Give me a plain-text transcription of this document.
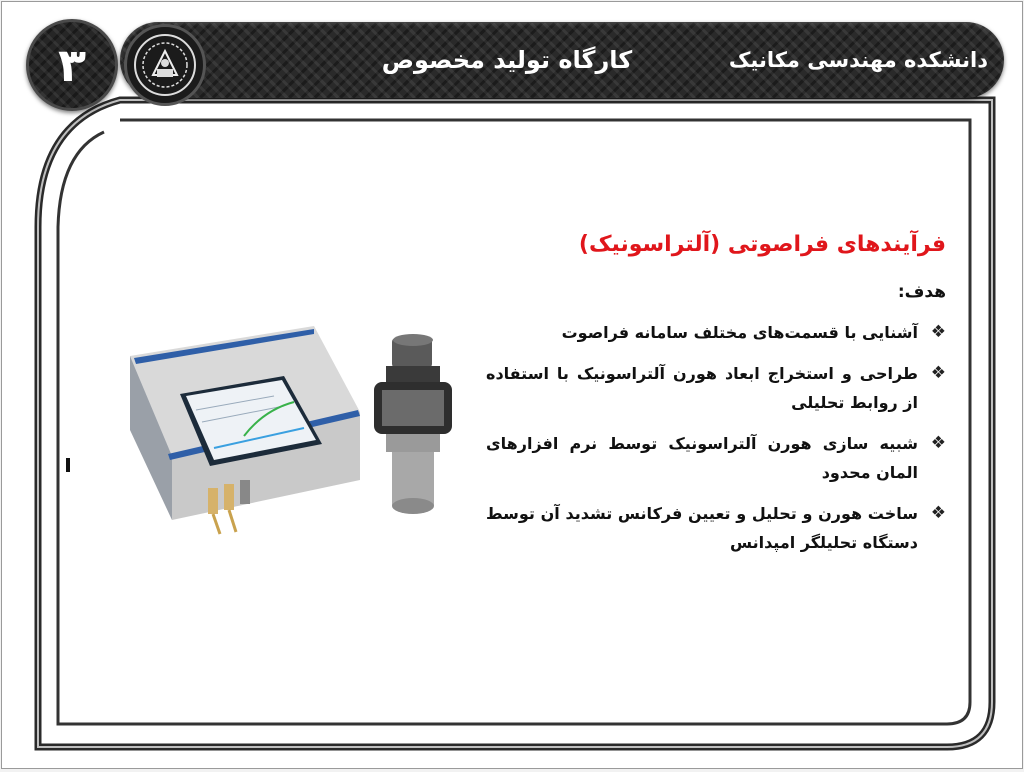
۳	کارگاه تولید مخصوص	دانشکده مهندسی مکانیک
فرآیندهای فراصوتی (آلتراسونیک)
هدف:
❖
آشنایی با قسمت‌های مختلف سامانه فراصوت
❖
طراحی و استخراج ابعاد هورن آلتراسونیک با استفاده از روابط تحلیلی
❖
شبیه سازی هورن آلتراسونیک توسط نرم افزارهای المان محدود
❖
ساخت هورن و تحلیل و تعیین فرکانس تشدید آن توسط دستگاه تحلیلگر امپدانس
